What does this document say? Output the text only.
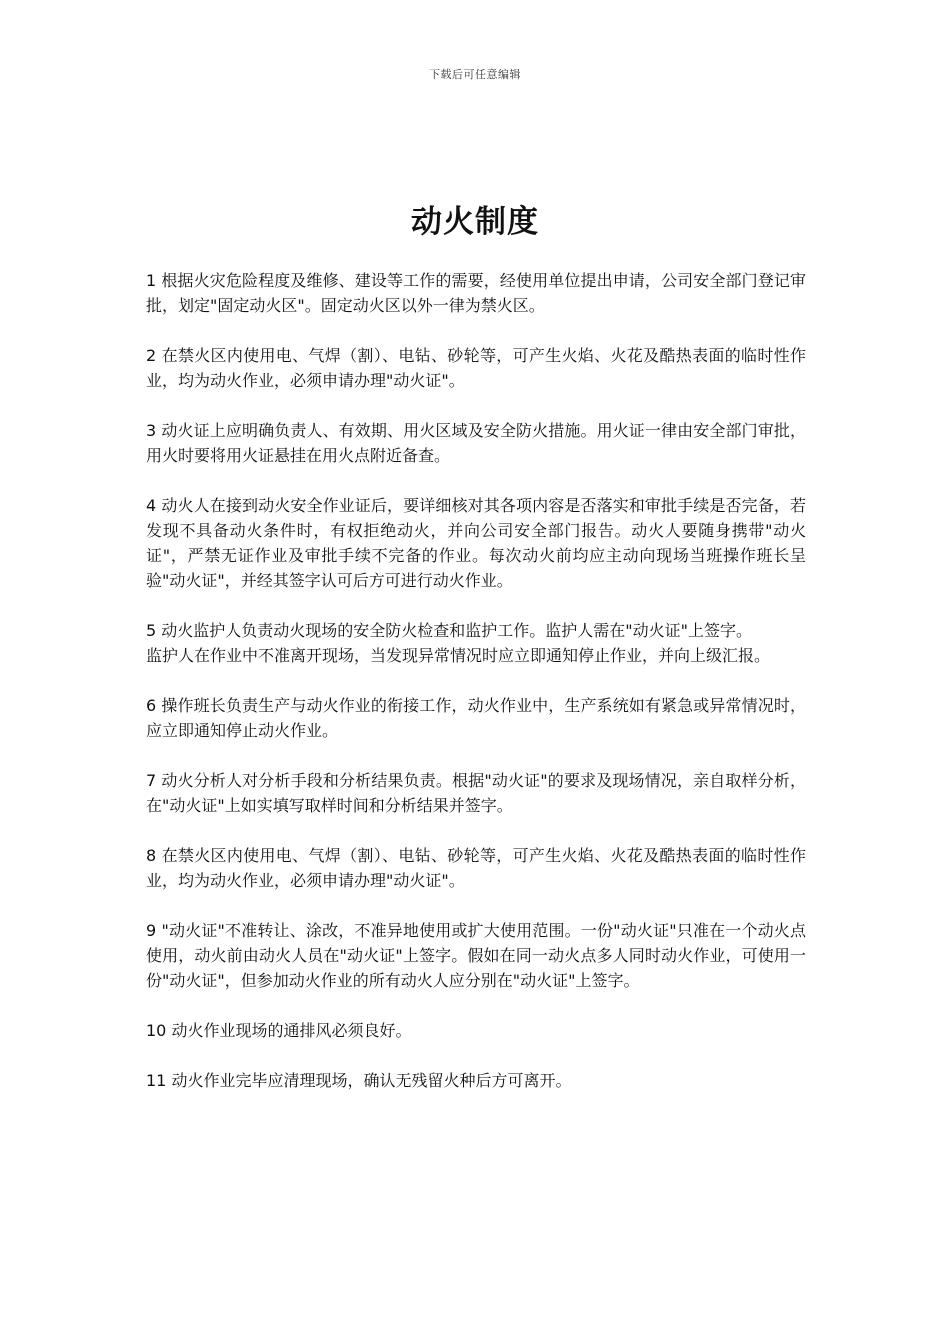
下载后可任意编辑
动火制度

1 根据火灾危险程度及维修、建设等工作的需要，经使用单位提出申请，公司安全部门登记审批，划定"固定动火区"。固定动火区以外一律为禁火区。

2 在禁火区内使用电、气焊（割）、电钻、砂轮等，可产生火焰、火花及酷热表面的临时性作业，均为动火作业，必须申请办理"动火证"。

3 动火证上应明确负责人、有效期、用火区域及安全防火措施。用火证一律由安全部门审批，用火时要将用火证悬挂在用火点附近备查。

4 动火人在接到动火安全作业证后，要详细核对其各项内容是否落实和审批手续是否完备，若发现不具备动火条件时，有权拒绝动火，并向公司安全部门报告。动火人要随身携带"动火证"，严禁无证作业及审批手续不完备的作业。每次动火前均应主动向现场当班操作班长呈验"动火证"，并经其签字认可后方可进行动火作业。

5 动火监护人负责动火现场的安全防火检查和监护工作。监护人需在"动火证"上签字。

监护人在作业中不准离开现场，当发现异常情况时应立即通知停止作业，并向上级汇报。

6 操作班长负责生产与动火作业的衔接工作，动火作业中，生产系统如有紧急或异常情况时，应立即通知停止动火作业。

7 动火分析人对分析手段和分析结果负责。根据"动火证"的要求及现场情况，亲自取样分析，在"动火证"上如实填写取样时间和分析结果并签字。

8 在禁火区内使用电、气焊（割）、电钻、砂轮等，可产生火焰、火花及酷热表面的临时性作业，均为动火作业，必须申请办理"动火证"。

9 "动火证"不准转让、涂改，不准异地使用或扩大使用范围。一份"动火证"只准在一个动火点使用，动火前由动火人员在"动火证"上签字。假如在同一动火点多人同时动火作业，可使用一份"动火证"，但参加动火作业的所有动火人应分别在"动火证"上签字。

10 动火作业现场的通排风必须良好。

11 动火作业完毕应清理现场，确认无残留火种后方可离开。
